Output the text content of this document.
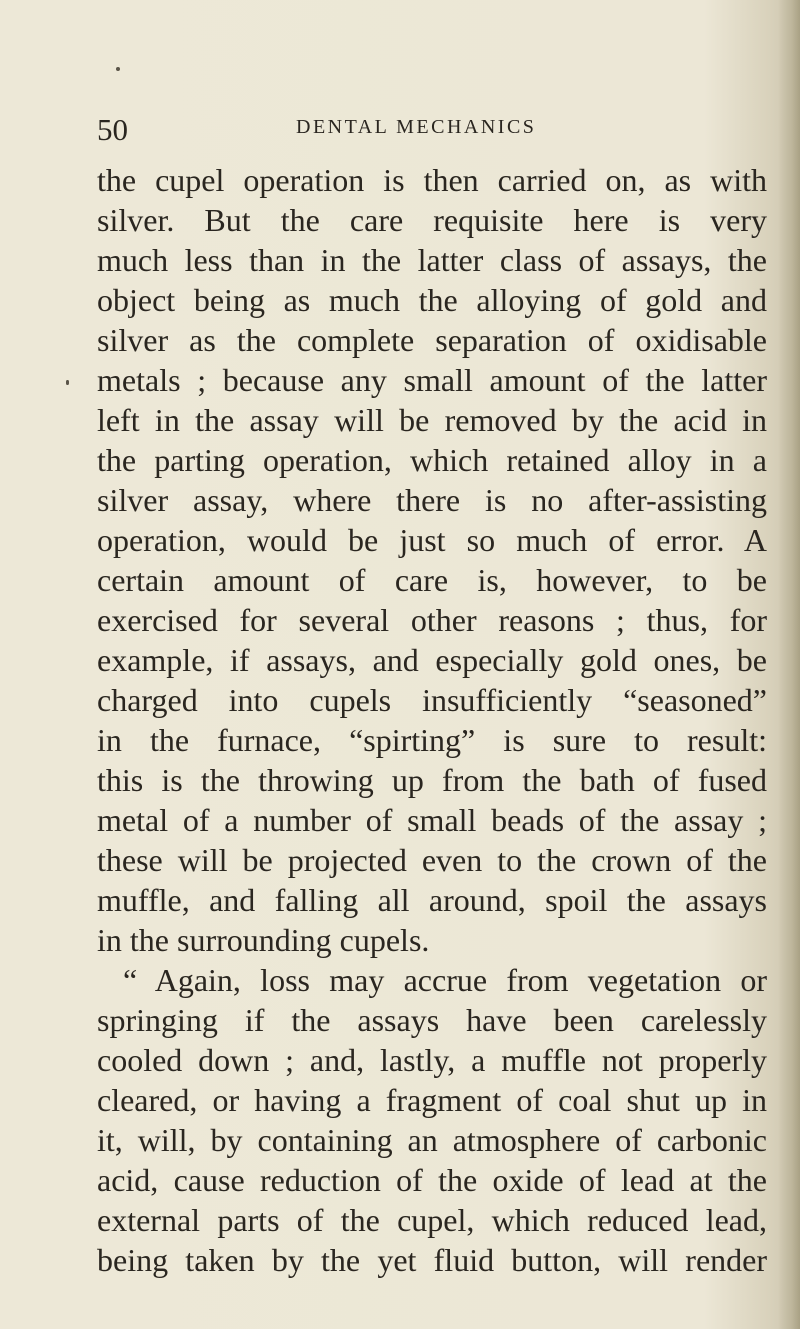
50	DENTAL MECHANICS
the cupel operation is then carried on, as with
silver. But the care requisite here is very
much less than in the latter class of assays, the
object being as much the alloying of gold and
silver as the complete separation of oxidisable
metals ; because any small amount of the latter
left in the assay will be removed by the acid in
the parting operation, which retained alloy in a
silver assay, where there is no after-assisting
operation, would be just so much of error. A
certain amount of care is, however, to be
exercised for several other reasons ; thus, for
example, if assays, and especially gold ones, be
charged into cupels insufficiently “seasoned”
in the furnace, “spirting” is sure to result:
this is the throwing up from the bath of fused
metal of a number of small beads of the assay ;
these will be projected even to the crown of the
muffle, and falling all around, spoil the assays
in the surrounding cupels.
“ Again, loss may accrue from vegetation or
springing if the assays have been carelessly
cooled down ; and, lastly, a muffle not properly
cleared, or having a fragment of coal shut up in
it, will, by containing an atmosphere of carbonic
acid, cause reduction of the oxide of lead at the
external parts of the cupel, which reduced lead,
being taken by the yet fluid button, will render
